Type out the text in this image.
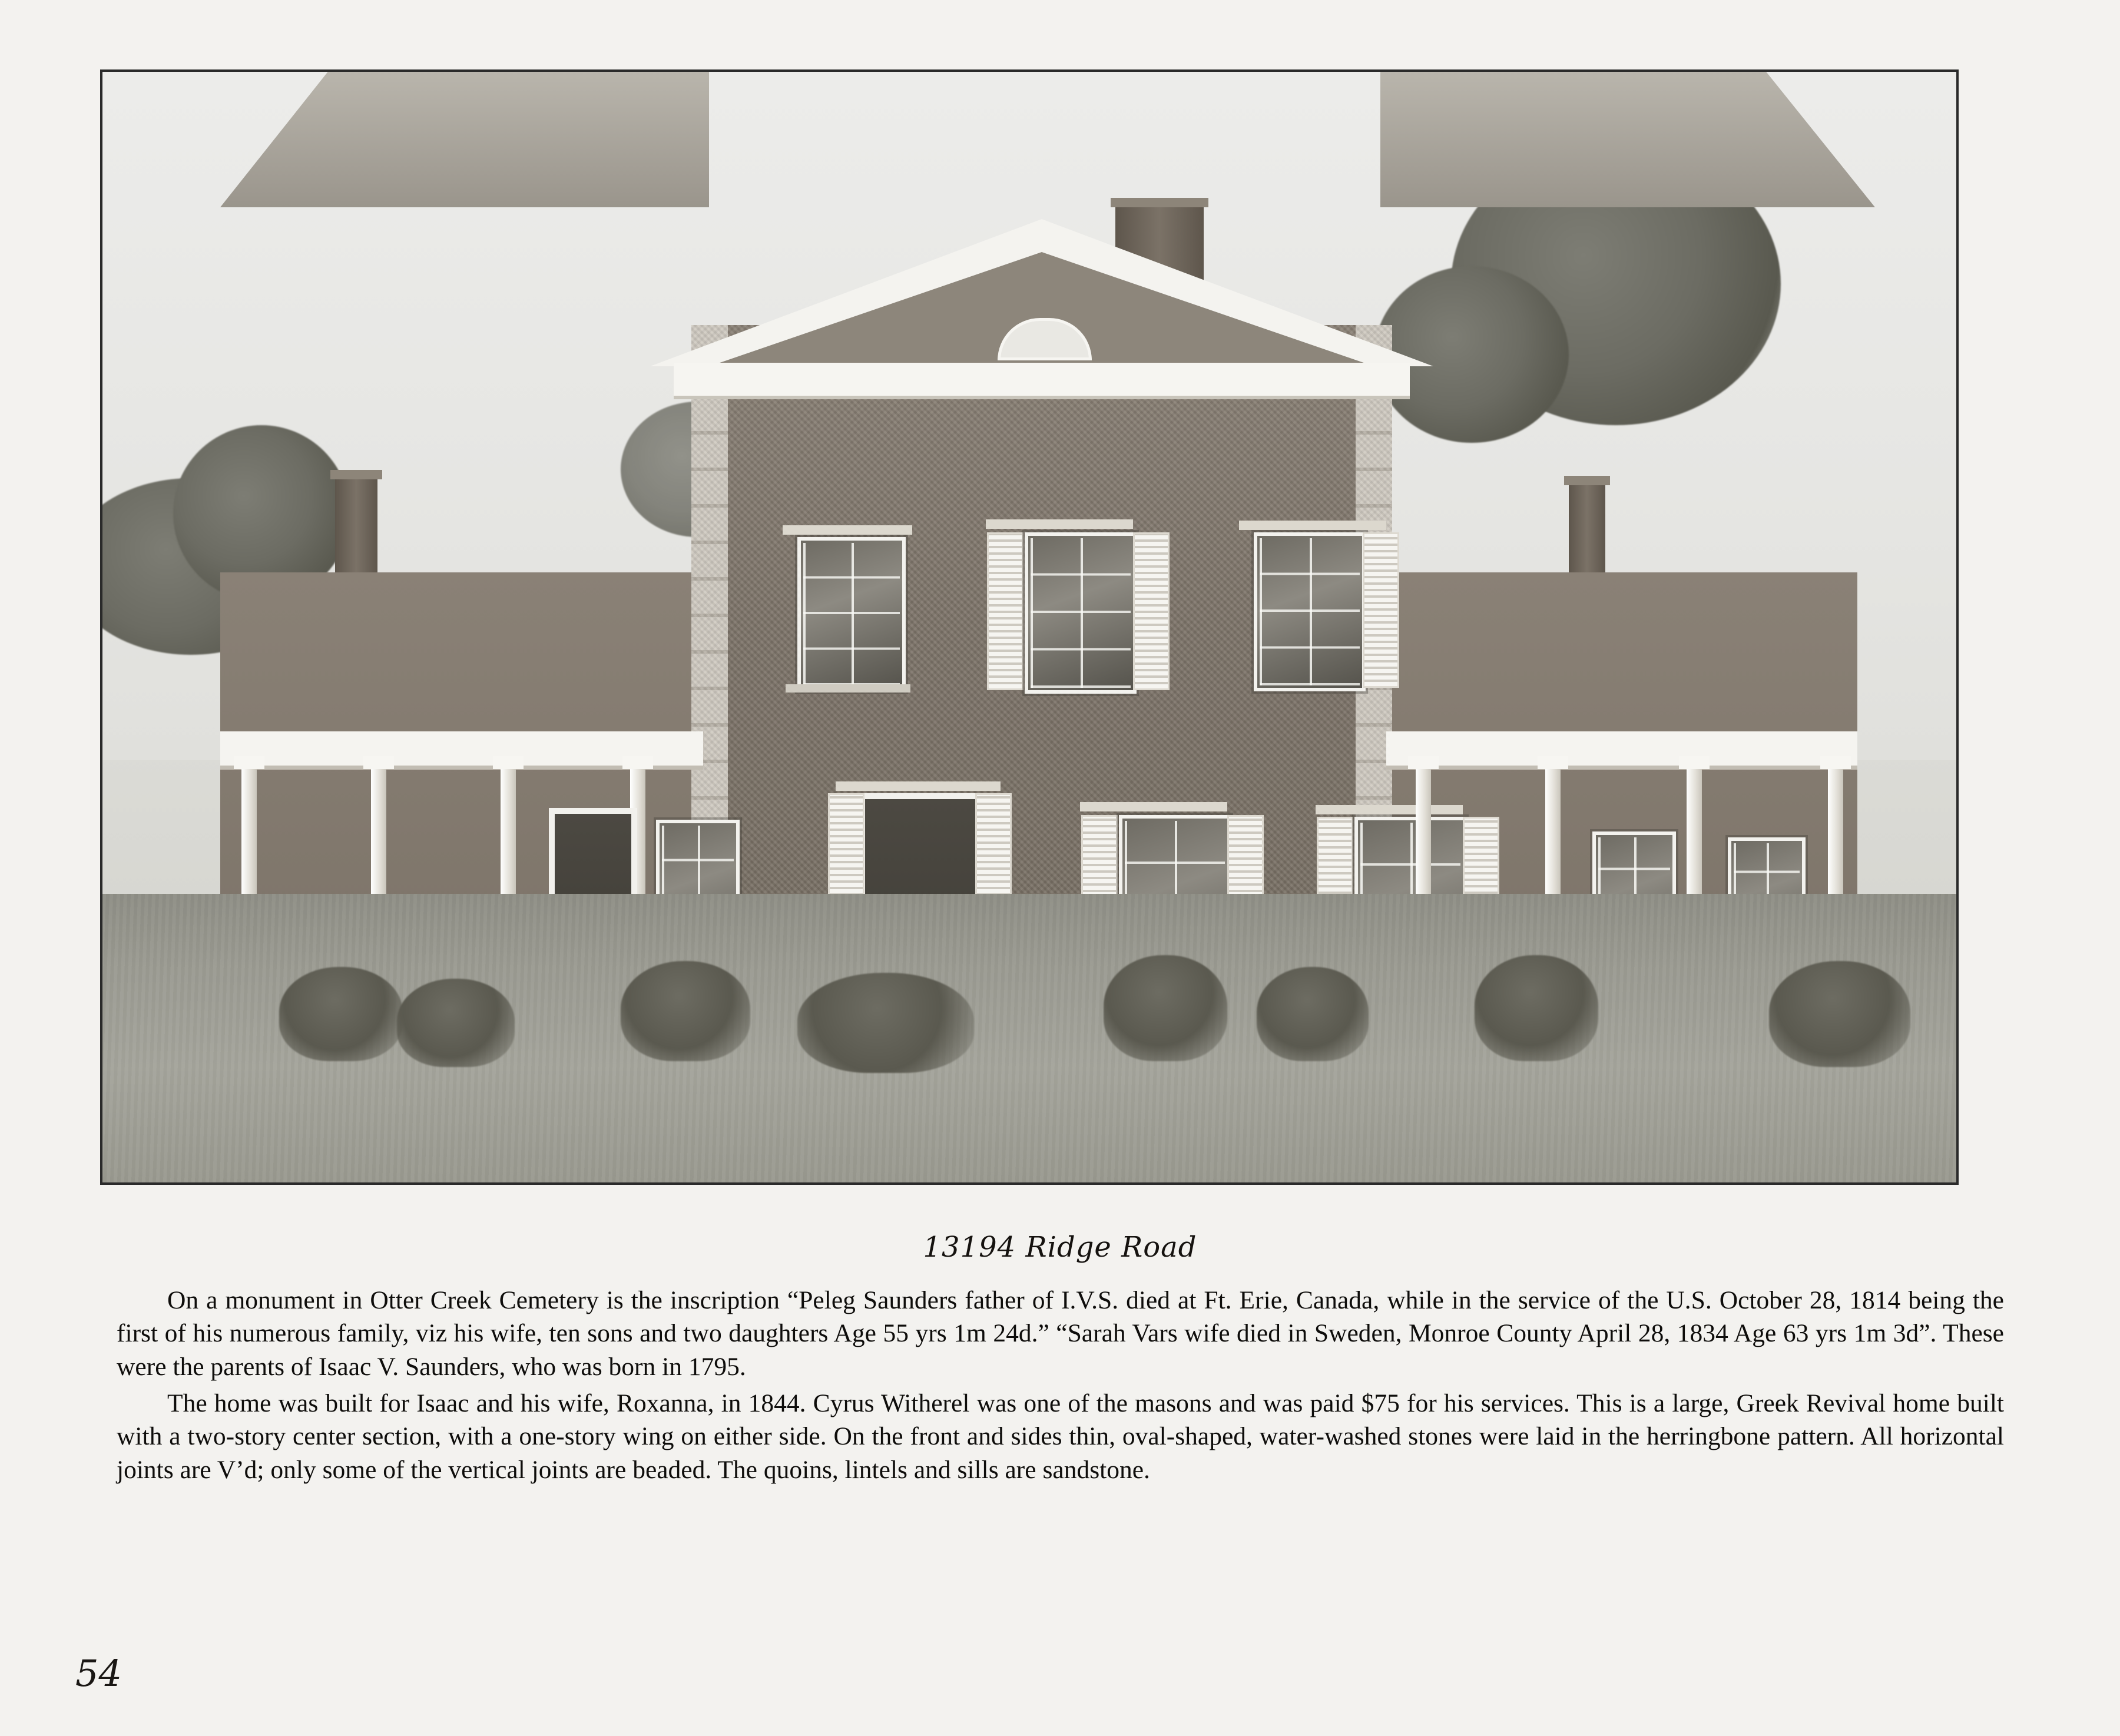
13194 Ridge Road

On a monument in Otter Creek Cemetery is the inscription “Peleg Saunders father of I.V.S. died at Ft. Erie, Canada, while in the service of the U.S. October 28, 1814 being the first of his numerous family, viz his wife, ten sons and two daughters Age 55 yrs 1m 24d.” “Sarah Vars wife died in Sweden, Monroe County April 28, 1834 Age 63 yrs 1m 3d”. These were the parents of Isaac V. Saunders, who was born in 1795.

The home was built for Isaac and his wife, Roxanna, in 1844. Cyrus Witherel was one of the masons and was paid $75 for his services. This is a large, Greek Revival home built with a two-story center section, with a one-story wing on either side. On the front and sides thin, oval-shaped, water-washed stones were laid in the herringbone pattern. All horizontal joints are V’d; only some of the vertical joints are beaded. The quoins, lintels and sills are sandstone.

54
